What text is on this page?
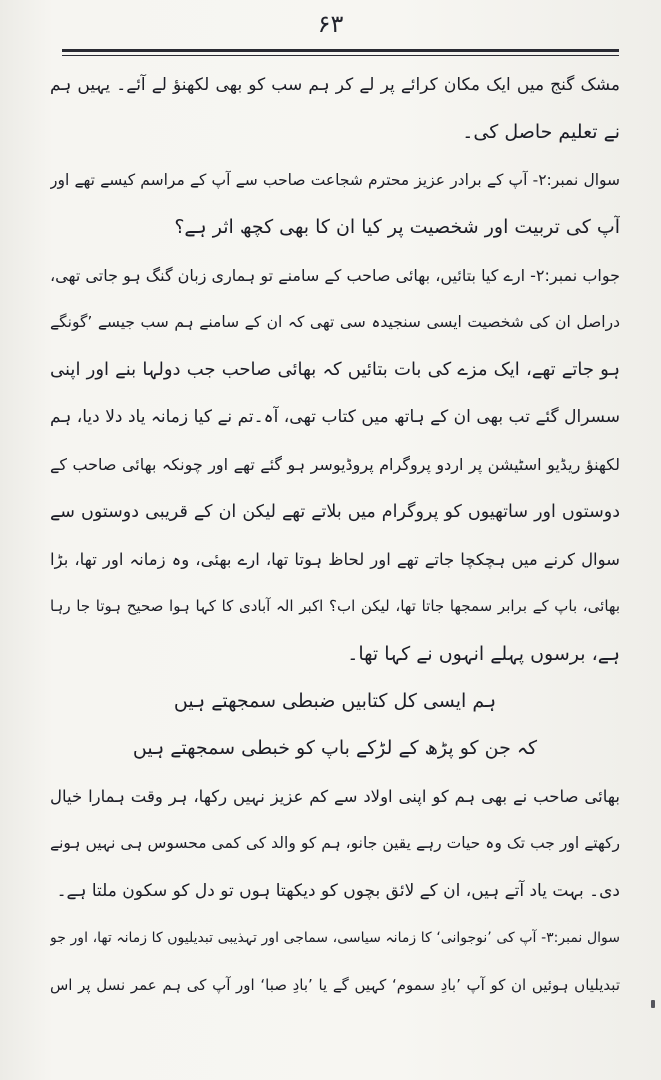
۶۳
مشک گنج میں ایک مکان کرائے پر لے کر ہم سب کو بھی لکھنؤ لے آئے۔ یہیں ہم
نے تعلیم حاصل کی۔
سوال نمبر:۲- آپ کے برادر عزیز محترم شجاعت صاحب سے آپ کے مراسم کیسے تھے اور
آپ کی تربیت اور شخصیت پر کیا ان کا بھی کچھ اثر ہے؟
جواب نمبر:۲- ارے کیا بتائیں، بھائی صاحب کے سامنے تو ہماری زبان گنگ ہو جاتی تھی،
دراصل ان کی شخصیت ایسی سنجیدہ سی تھی کہ ان کے سامنے ہم سب جیسے ’گونگے
ہو جاتے تھے، ایک مزے کی بات بتائیں کہ بھائی صاحب جب دولہا بنے اور اپنی
سسرال گئے تب بھی ان کے ہاتھ میں کتاب تھی، آہ۔تم نے کیا زمانہ یاد دلا دیا، ہم
لکھنؤ ریڈیو اسٹیشن پر اردو پروگرام پروڈیوسر ہو گئے تھے اور چونکہ بھائی صاحب کے
دوستوں اور ساتھیوں کو پروگرام میں بلاتے تھے لیکن ان کے قریبی دوستوں سے
سوال کرنے میں ہچکچا جاتے تھے اور لحاظ ہوتا تھا، ارے بھئی، وہ زمانہ اور تھا، بڑا
بھائی، باپ کے برابر سمجھا جاتا تھا، لیکن اب؟ اکبر الہ آبادی کا کہا ہوا صحیح ہوتا جا رہا
ہے، برسوں پہلے انہوں نے کہا تھا۔
ہم ایسی کل کتابیں ضبطی سمجھتے ہیں
کہ جن کو پڑھ کے لڑکے باپ کو خبطی سمجھتے ہیں
بھائی صاحب نے بھی ہم کو اپنی اولاد سے کم عزیز نہیں رکھا، ہر وقت ہمارا خیال
رکھتے اور جب تک وہ حیات رہے یقین جانو، ہم کو والد کی کمی محسوس ہی نہیں ہونے
دی۔ بہت یاد آتے ہیں، ان کے لائق بچوں کو دیکھتا ہوں تو دل کو سکون ملتا ہے۔
سوال نمبر:۳- آپ کی ’نوجوانی‘ کا زمانہ سیاسی، سماجی اور تہذیبی تبدیلیوں کا زمانہ تھا، اور جو
تبدیلیاں ہوئیں ان کو آپ ’بادِ سموم‘ کہیں گے یا ’بادِ صبا‘ اور آپ کی ہم عمر نسل پر اس
